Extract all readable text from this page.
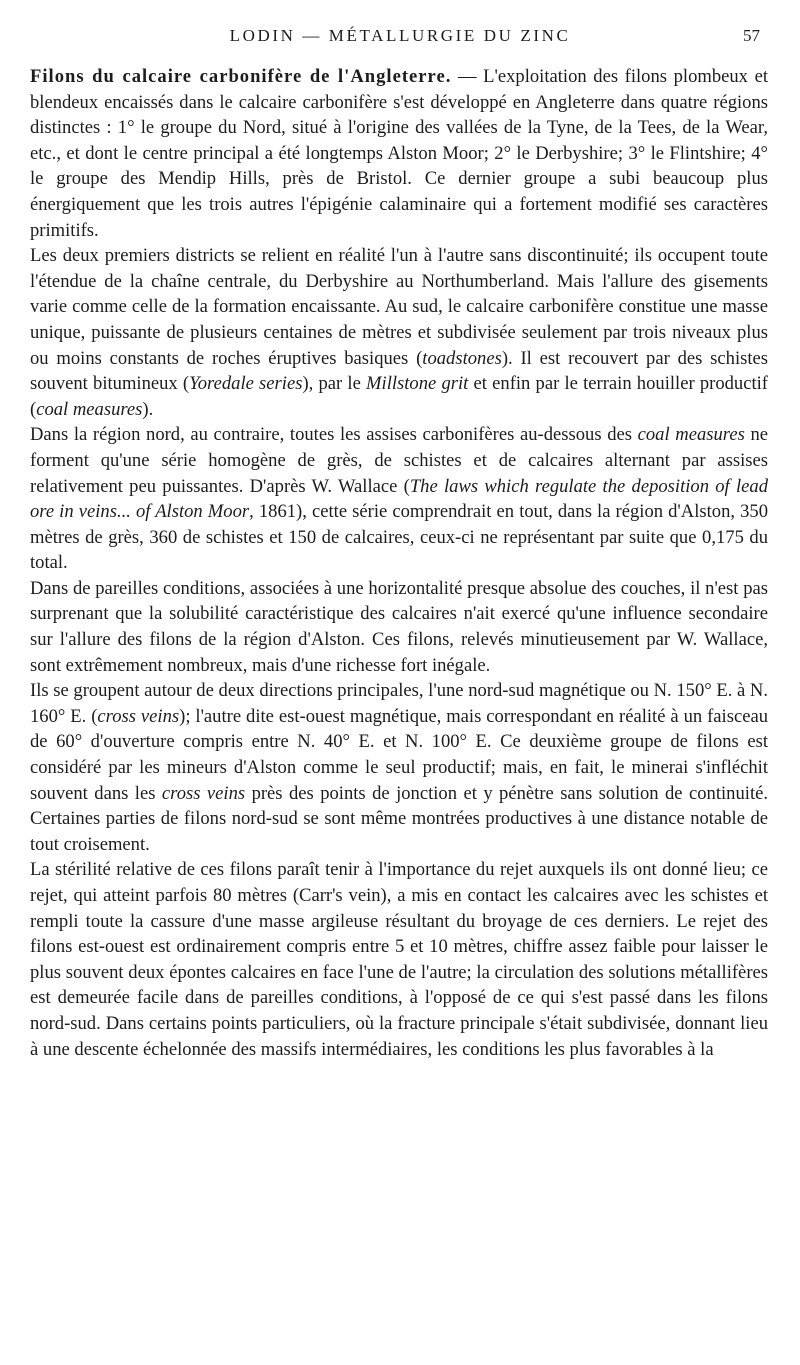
LODIN — MÉTALLURGIE DU ZINC	57

Filons du calcaire carbonifère de l'Angleterre. — L'exploitation des filons plombeux et blendeux encaissés dans le calcaire carbonifère s'est développé en Angleterre dans quatre régions distinctes : 1° le groupe du Nord, situé à l'origine des vallées de la Tyne, de la Tees, de la Wear, etc., et dont le centre principal a été longtemps Alston Moor; 2° le Derbyshire; 3° le Flintshire; 4° le groupe des Mendip Hills, près de Bristol. Ce dernier groupe a subi beaucoup plus énergiquement que les trois autres l'épigénie calaminaire qui a fortement modifié ses caractères primitifs.

Les deux premiers districts se relient en réalité l'un à l'autre sans discontinuité; ils occupent toute l'étendue de la chaîne centrale, du Derbyshire au Northumberland. Mais l'allure des gisements varie comme celle de la formation encaissante. Au sud, le calcaire carbonifère constitue une masse unique, puissante de plusieurs centaines de mètres et subdivisée seulement par trois niveaux plus ou moins constants de roches éruptives basiques (toadstones). Il est recouvert par des schistes souvent bitumineux (Yoredale series), par le Millstone grit et enfin par le terrain houiller productif (coal measures).

Dans la région nord, au contraire, toutes les assises carbonifères au-dessous des coal measures ne forment qu'une série homogène de grès, de schistes et de calcaires alternant par assises relativement peu puissantes. D'après W. Wallace (The laws which regulate the deposition of lead ore in veins... of Alston Moor, 1861), cette série comprendrait en tout, dans la région d'Alston, 350 mètres de grès, 360 de schistes et 150 de calcaires, ceux-ci ne représentant par suite que 0,175 du total.

Dans de pareilles conditions, associées à une horizontalité presque absolue des couches, il n'est pas surprenant que la solubilité caractéristique des calcaires n'ait exercé qu'une influence secondaire sur l'allure des filons de la région d'Alston. Ces filons, relevés minutieusement par W. Wallace, sont extrêmement nombreux, mais d'une richesse fort inégale.

Ils se groupent autour de deux directions principales, l'une nord-sud magnétique ou N. 150° E. à N. 160° E. (cross veins); l'autre dite est-ouest magnétique, mais correspondant en réalité à un faisceau de 60° d'ouverture compris entre N. 40° E. et N. 100° E. Ce deuxième groupe de filons est considéré par les mineurs d'Alston comme le seul productif; mais, en fait, le minerai s'infléchit souvent dans les cross veins près des points de jonction et y pénètre sans solution de continuité. Certaines parties de filons nord-sud se sont même montrées productives à une distance notable de tout croisement.

La stérilité relative de ces filons paraît tenir à l'importance du rejet auxquels ils ont donné lieu; ce rejet, qui atteint parfois 80 mètres (Carr's vein), a mis en contact les calcaires avec les schistes et rempli toute la cassure d'une masse argileuse résultant du broyage de ces derniers. Le rejet des filons est-ouest est ordinairement compris entre 5 et 10 mètres, chiffre assez faible pour laisser le plus souvent deux épontes calcaires en face l'une de l'autre; la circulation des solutions métallifères est demeurée facile dans de pareilles conditions, à l'opposé de ce qui s'est passé dans les filons nord-sud. Dans certains points particuliers, où la fracture principale s'était subdivisée, donnant lieu à une descente échelonnée des massifs intermédiaires, les conditions les plus favorables à la
